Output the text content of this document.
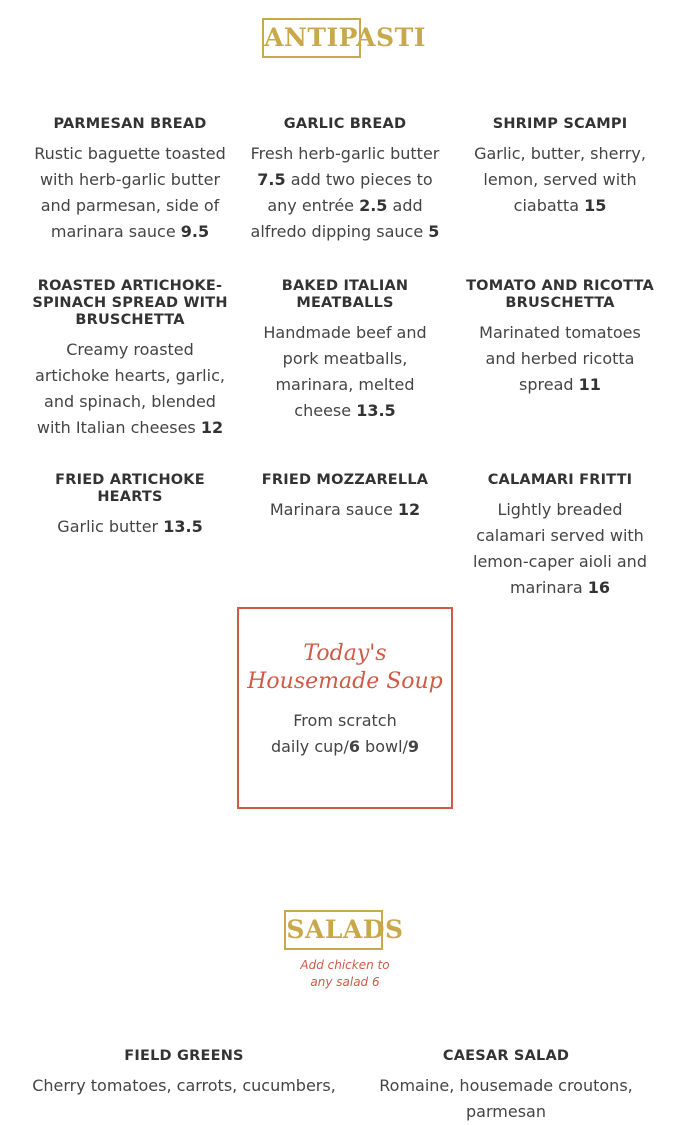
ANTIPASTI
PARMESAN BREAD

Rustic baguette toasted with herb-garlic butter and parmesan, side of marinara sauce 9.5

GARLIC BREAD

Fresh herb-garlic butter 7.5 add two pieces to any entrée 2.5 add alfredo dipping sauce 5

SHRIMP SCAMPI

Garlic, butter, sherry, lemon, served with ciabatta 15

ROASTED ARTICHOKE-SPINACH SPREAD WITH BRUSCHETTA

Creamy roasted artichoke hearts, garlic, and spinach, blended with Italian cheeses 12

BAKED ITALIAN MEATBALLS

Handmade beef and pork meatballs, marinara, melted cheese 13.5

TOMATO AND RICOTTA BRUSCHETTA

Marinated tomatoes and herbed ricotta spread 11

FRIED ARTICHOKE HEARTS

Garlic butter 13.5

FRIED MOZZARELLA

Marinara sauce 12

CALAMARI FRITTI

Lightly breaded calamari served with lemon-caper aioli and marinara 16

Today's Housemade Soup
From scratch
daily cup/6 bowl/9
SALADS
Add chicken to any salad 6
FIELD GREENS

Cherry tomatoes, carrots, cucumbers,

CAESAR SALAD

Romaine, housemade croutons, parmesan
